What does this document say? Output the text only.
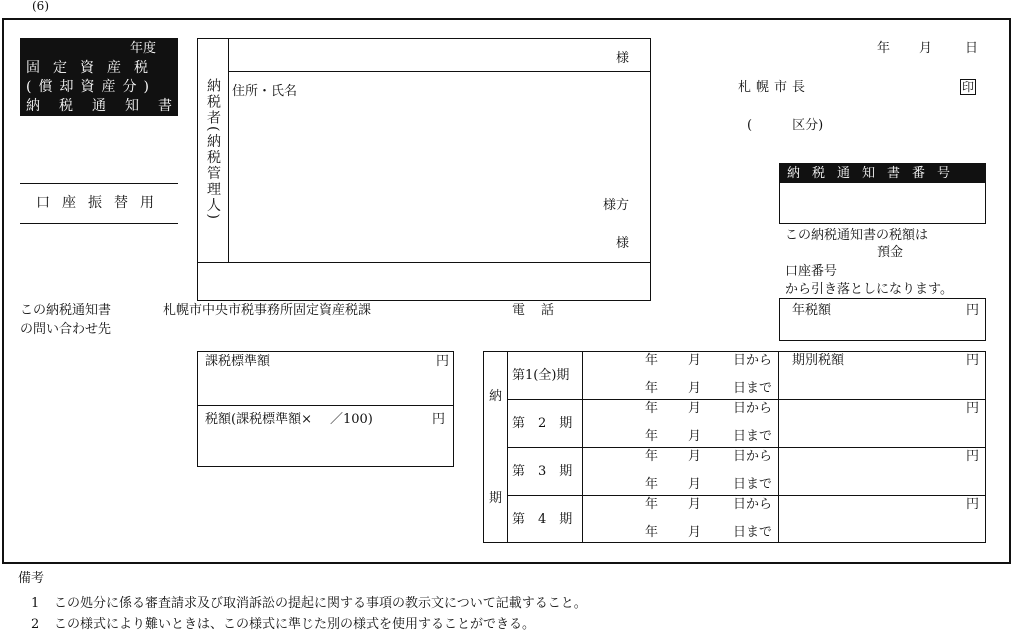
(6)
年度
固定資産税
(償却資産分)
納税通知書
口座振替用	納税者(納税管理人)
様
住所・氏名
様方
様
年 月	日
札幌市長	印
(	区分)
納税通知書番号
この納税通知書の税額は
預金
口座番号
から引き落としになります。
この納税通知書
の問い合わせ先
札幌市中央市税事務所固定資産税課	電話	年税額	円
課税標準額	円
税額(課税標準額× ／100)	円
納
期
期別税額
第1(全)期
年 月 日から
年 月 日まで
円
第2期
年 月 日から
年 月 日まで
円
第3期
年 月 日から
年 月 日まで
円
第4期
年 月 日から
年 月 日まで
円
備考
1 この処分に係る審査請求及び取消訴訟の提起に関する事項の教示文について記載すること。
2 この様式により難いときは、この様式に準じた別の様式を使用することができる。
